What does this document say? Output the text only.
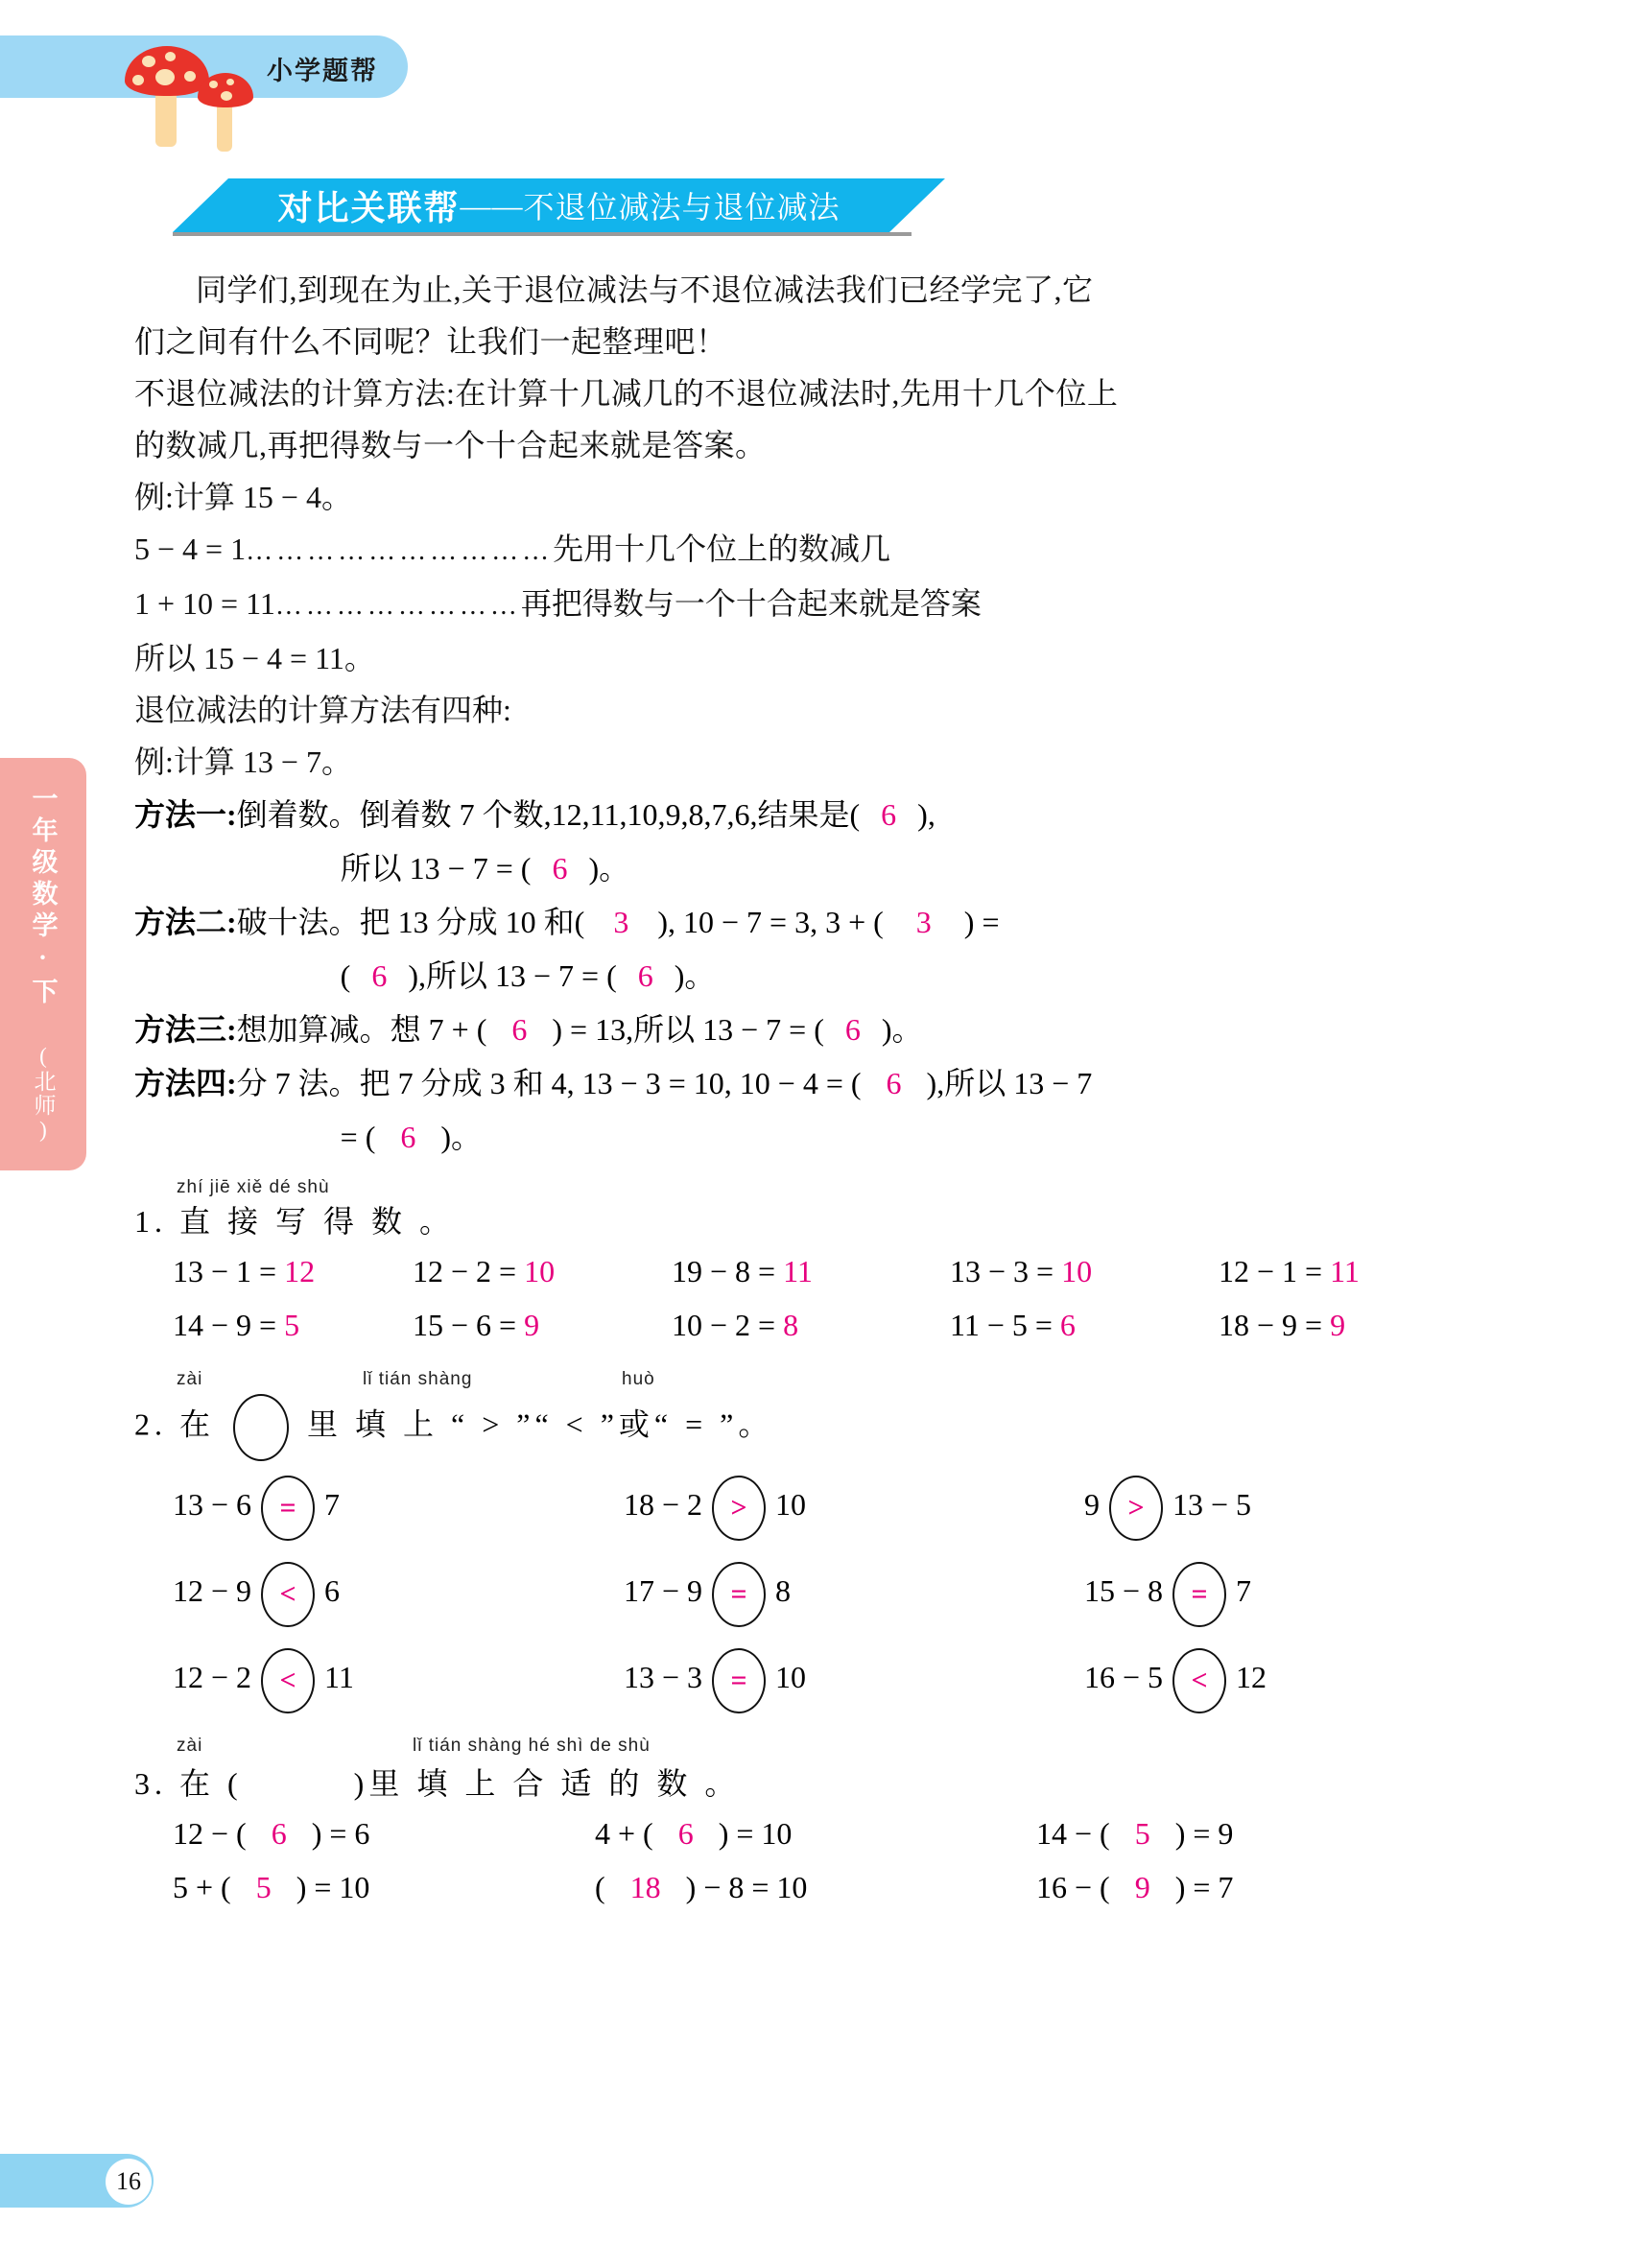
小学题帮
对比关联帮 —— 不退位减法与退位减法
一年级数学·下 (北师)
同学们,到现在为止,关于退位减法与不退位减法我们已经学完了,它
们之间有什么不同呢？让我们一起整理吧！
不退位减法的计算方法:在计算十几减几的不退位减法时,先用十几个位上
的数减几,再把得数与一个十合起来就是答案。
例:计算 15 − 4。
5 − 4 = 1…………………………先用十几个位上的数减几
1 + 10 = 11……………………再把得数与一个十合起来就是答案
所以 15 − 4 = 11。
退位减法的计算方法有四种:
例:计算 13 − 7。
方法一: 倒着数。倒着数 7 个数,12,11,10,9,8,7,6,结果是( 6 ),
所以 13 − 7 = ( 6 )。
方法二: 破十法。把 13 分成 10 和( 3 ), 10 − 7 = 3, 3 + ( 3 ) =
( 6 ),所以 13 − 7 = ( 6 )。
方法三: 想加算减。想 7 + ( 6 ) = 13,所以 13 − 7 = ( 6 )。
方法四: 分 7 法。把 7 分成 3 和 4, 13 − 3 = 10, 10 − 4 = ( 6 ),所以 13 − 7
= ( 6 )。
zhí jiē xiě dé shù
1. 直 接 写 得 数 。
13 − 1 = 12	12 − 2 = 10	19 − 8 = 11	13 − 3 = 10	12 − 1 = 11
14 − 9 = 5	15 − 6 = 9	10 − 2 = 8	11 − 5 = 6	18 − 9 = 9
zài	lǐ tián shàng	huò
2. 在	里 填 上 “ > ”“ < ”或“ = ”。
13 − 6 = 7	18 − 2 > 10	9 > 13 − 5
12 − 9 < 6	17 − 9 = 8	15 − 8 = 7
12 − 2 < 11	13 − 3 = 10	16 − 5 < 12
zài	lǐ tián shàng hé shì de shù
3. 在 (	)里 填 上 合 适 的 数 。
12 − ( 6 ) = 6	4 + ( 6 ) = 10	14 − ( 5 ) = 9
5 + ( 5 ) = 10	( 18 ) − 8 = 10	16 − ( 9 ) = 7
16
